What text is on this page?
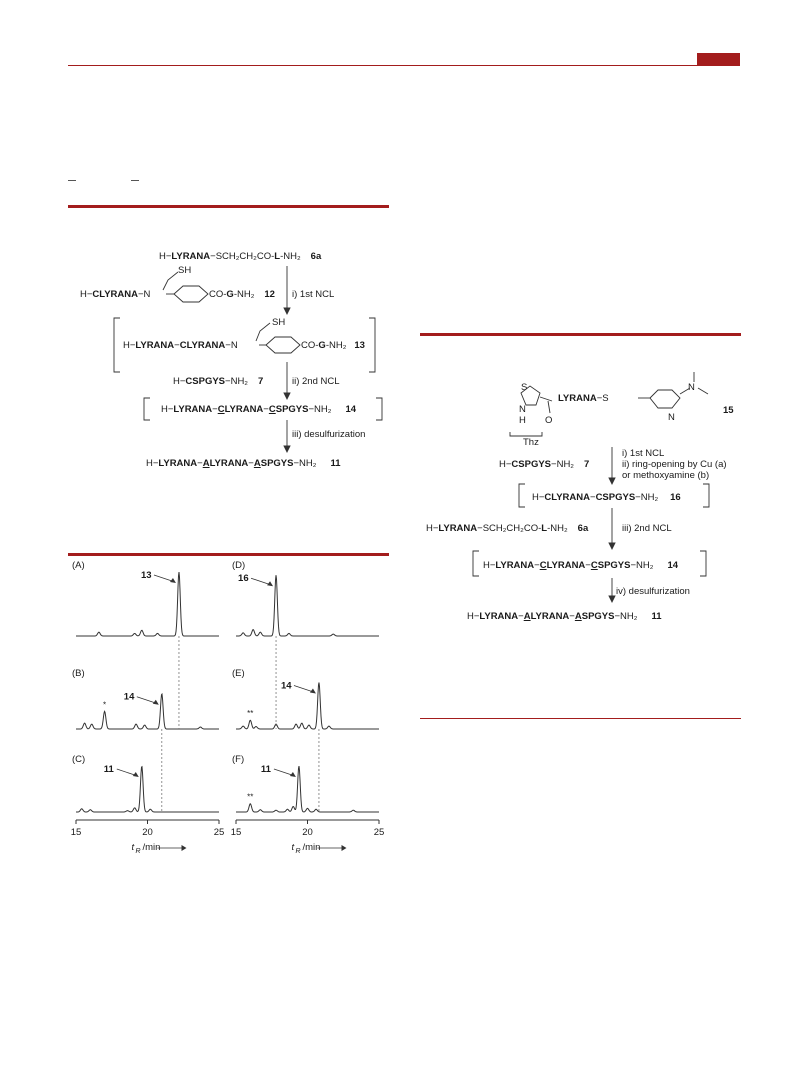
H−LYRANA−SCH₂CH₂CO-L-NH₂ 6a
H−CLYRANA−N
SH
CO-G-NH₂ 12 i) 1st NCL
H−LYRANA−CLYRANA−N
SH
CO-G-NH₂ 13
H−CSPGYS−NH₂ 7	ii) 2nd NCL
H−LYRANA−CLYRANA−CSPGYS−NH₂ 14
iii) desulfurization
H−LYRANA−ALYRANA−ASPGYS−NH₂ 11
S
N
H O
LYRANA−S
N
N
15
Thz
i) 1st NCL
ii) ring-opening by Cu (a)
or methoxyamine (b)
H−CSPGYS−NH₂ 7
H−CLYRANA−CSPGYS−NH₂ 16
H−LYRANA−SCH₂CH₂CO-L-NH₂ 6a	iii) 2nd NCL
H−LYRANA−CLYRANA−CSPGYS−NH₂ 14
iv) desulfurization
H−LYRANA−ALYRANA−ASPGYS−NH₂ 11
(A)
13
(B)
*
14
(C)
11
(D)
16
(E)
**
14
(F)
**
11
15	20	25
t R /min
15	20	25
t R /min
